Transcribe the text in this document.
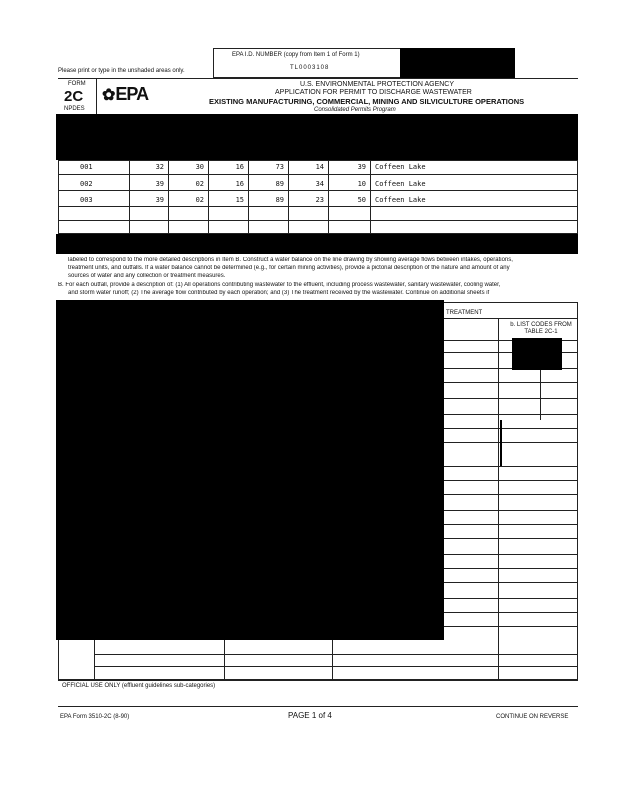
EPA I.D. NUMBER (copy from Item 1 of Form 1)
TL0003108
Please print or type in the unshaded areas only.
FORM
2C
NPDES
✿EPA	U.S. ENVIRONMENTAL PROTECTION AGENCY
APPLICATION FOR PERMIT TO DISCHARGE WASTEWATER
EXISTING MANUFACTURING, COMMERCIAL, MINING AND SILVICULTURE OPERATIONS
Consolidated Permits Program
001	32	30	16	73	14	39 Coffeen Lake
002	39	02	16	89	34	10 Coffeen Lake
003	39	02	15	89	23	50 Coffeen Lake
labeled to correspond to the more detailed descriptions in Item B. Construct a water balance on the line drawing by showing average flows between intakes, operations,
treatment units, and outfalls. If a water balance cannot be determined (e.g., for certain mining activities), provide a pictorial description of the nature and amount of any
sources of water and any collection or treatment measures.
B. For each outfall, provide a description of: (1) All operations contributing wastewater to the effluent, including process wastewater, sanitary wastewater, cooling water,
and storm water runoff; (2) The average flow contributed by each operation; and (3) The treatment received by the wastewater. Continue on additional sheets if
TREATMENT
b. LIST CODES FROM TABLE 2C-1
OFFICIAL USE ONLY (effluent guidelines sub-categories)
EPA Form 3510-2C (8-90)	PAGE 1 of 4	CONTINUE ON REVERSE
